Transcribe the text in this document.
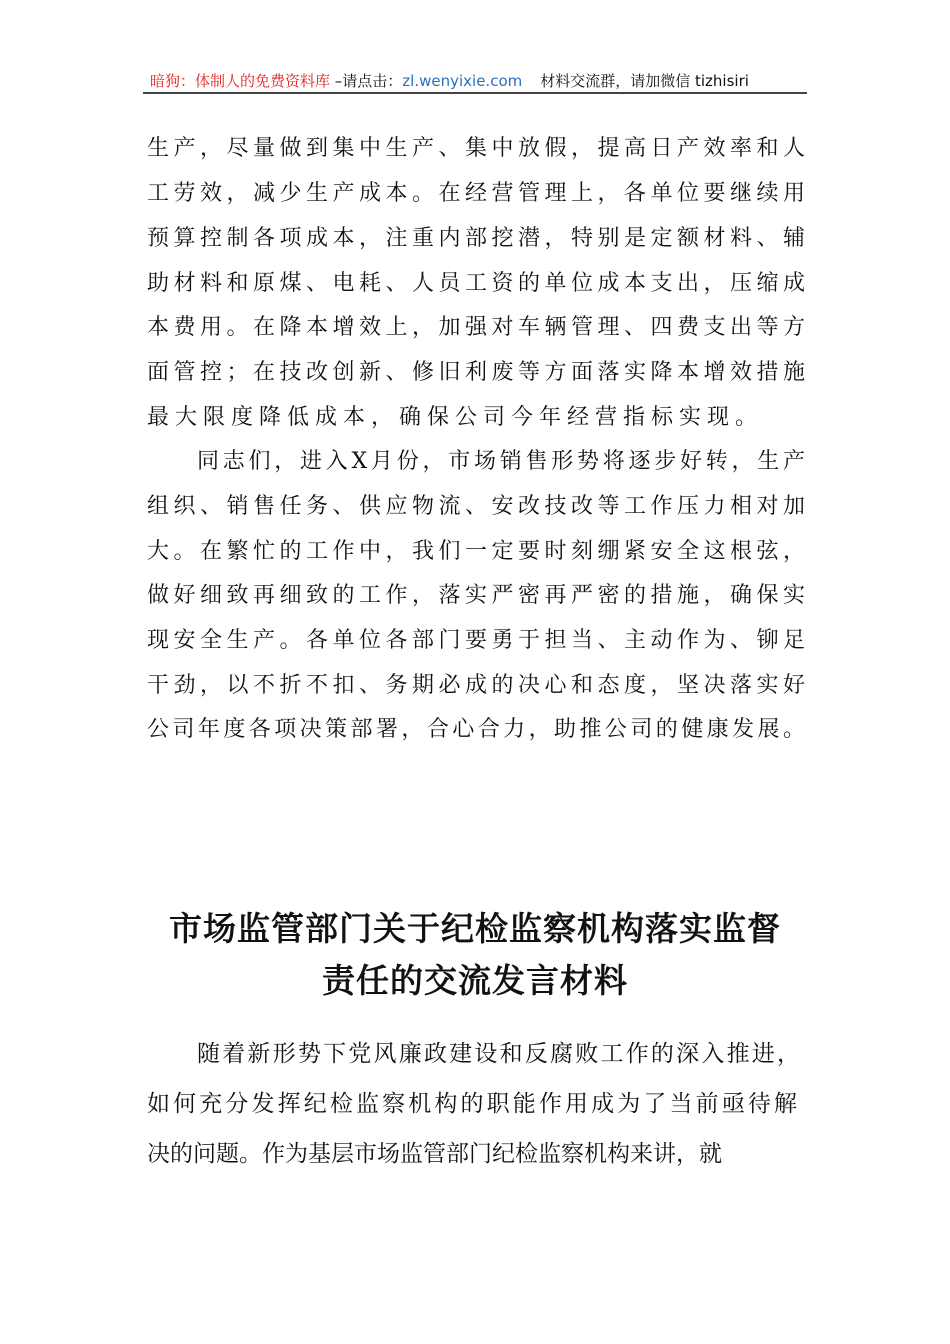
暗狗：体制人的免费资料库 –请点击：zl.wenyixie.com 材料交流群，请加微信 tizhisiri
生产，尽量做到集中生产、集中放假，提高日产效率和人
工劳效，减少生产成本。在经营管理上，各单位要继续用
预算控制各项成本，注重内部挖潜，特别是定额材料、辅
助材料和原煤、电耗、人员工资的单位成本支出，压缩成
本费用。在降本增效上，加强对车辆管理、四费支出等方
面管控；在技改创新、修旧利废等方面落实降本增效措施
最大限度降低成本，确保公司今年经营指标实现。
同志们，进入X月份，市场销售形势将逐步好转，生产
组织、销售任务、供应物流、安改技改等工作压力相对加
大。在繁忙的工作中，我们一定要时刻绷紧安全这根弦，
做好细致再细致的工作，落实严密再严密的措施，确保实
现安全生产。各单位各部门要勇于担当、主动作为、铆足
干劲，以不折不扣、务期必成的决心和态度，坚决落实好
公司年度各项决策部署，合心合力，助推公司的健康发展。
市场监管部门关于纪检监察机构落实监督
责任的交流发言材料
随着新形势下党风廉政建设和反腐败工作的深入推进，
如何充分发挥纪检监察机构的职能作用成为了当前亟待解
决的问题。作为基层市场监管部门纪检监察机构来讲，就
